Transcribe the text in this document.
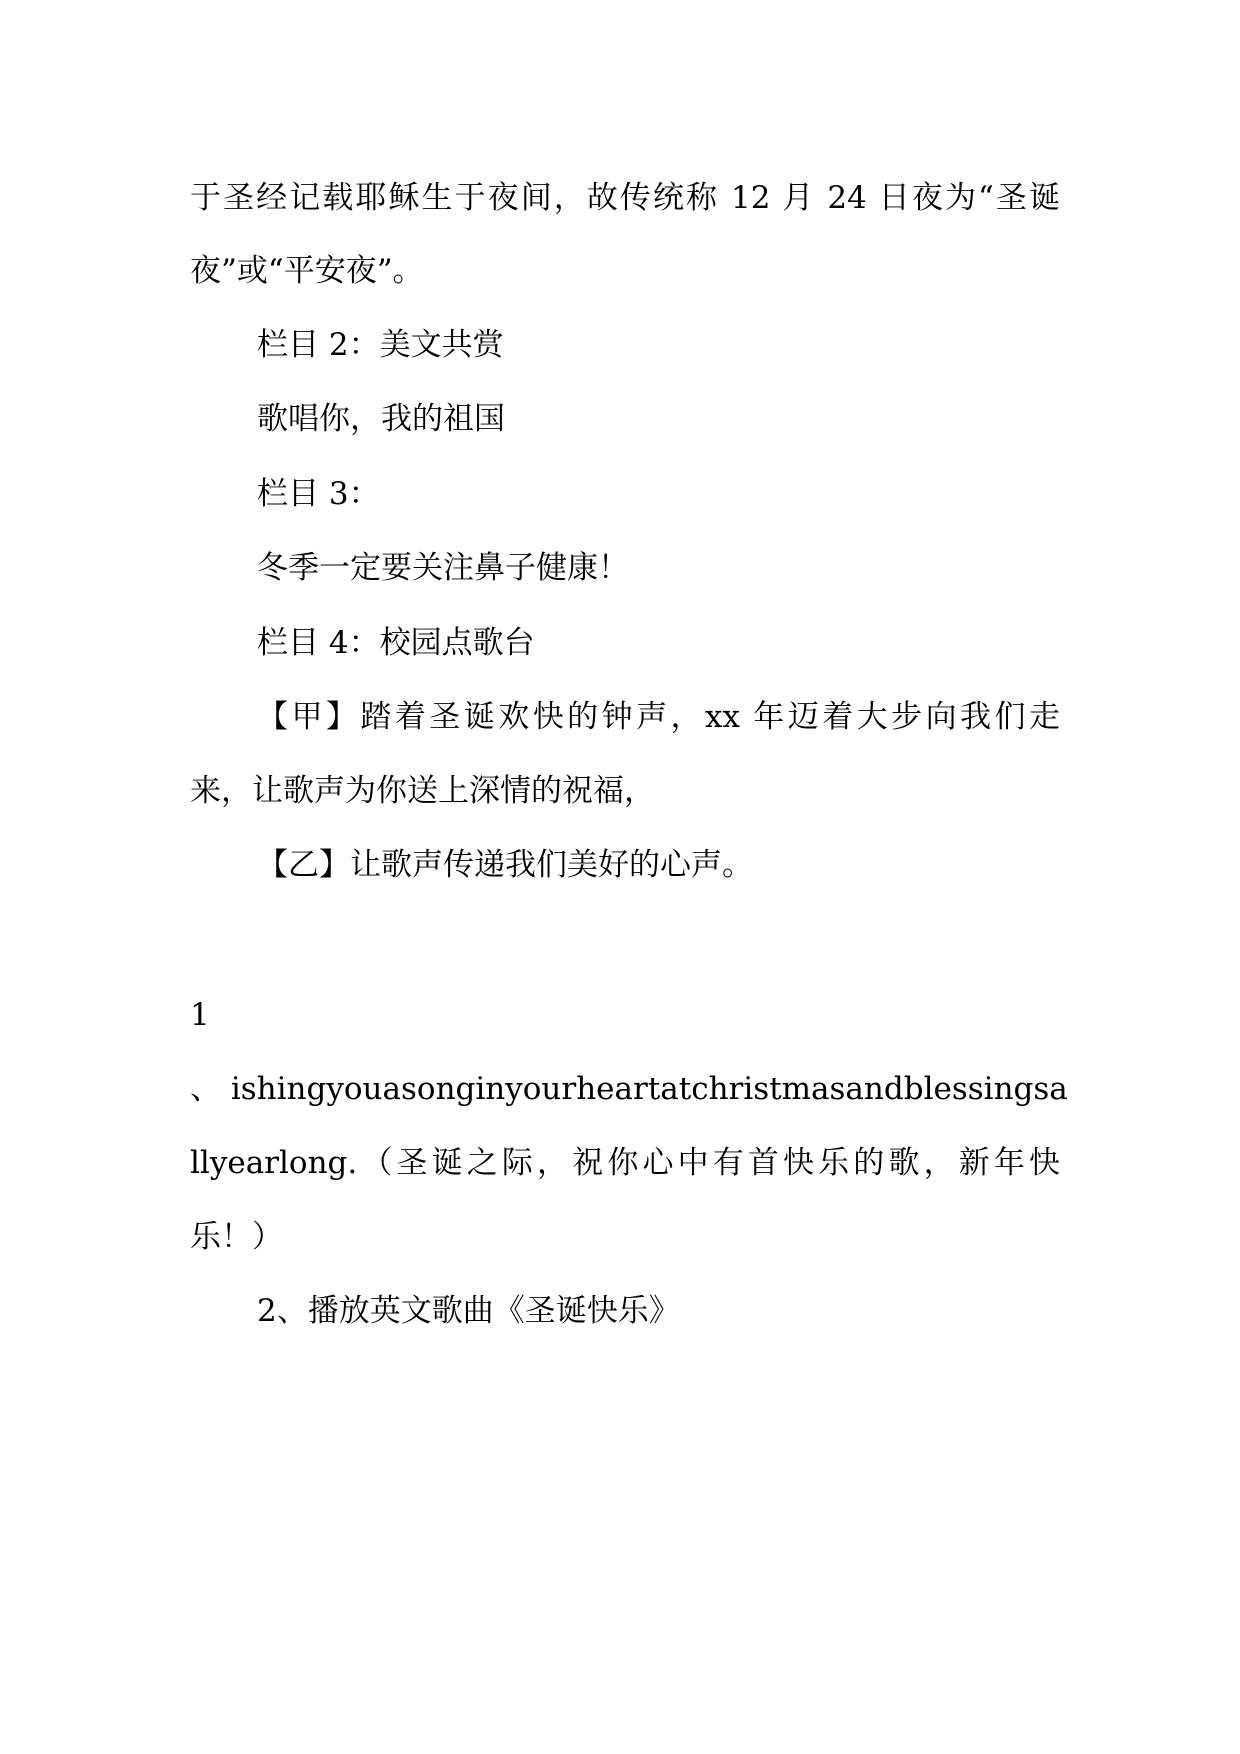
于圣经记载耶稣生于夜间，故传统称 12 月 24 日夜为“圣诞
夜”或“平安夜”。
栏目 2：美文共赏
歌唱你，我的祖国
栏目 3：
冬季一定要关注鼻子健康！
栏目 4：校园点歌台
【甲】踏着圣诞欢快的钟声，xx 年迈着大步向我们走
来，让歌声为你送上深情的祝福，
【乙】让歌声传递我们美好的心声。
1
、 ishingyouasonginyourheartatchristmasandblessingsa
llyearlong.（圣诞之际，祝你心中有首快乐的歌，新年快
乐！）
2、播放英文歌曲《圣诞快乐》
